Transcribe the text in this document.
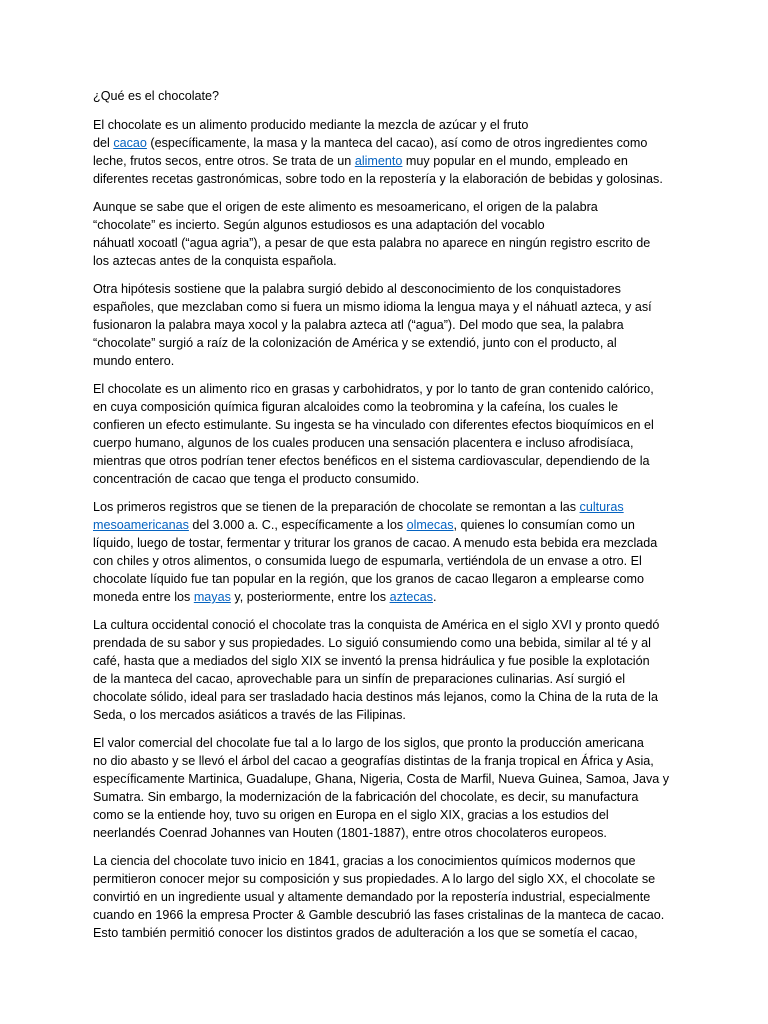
¿Qué es el chocolate?
El chocolate es un alimento producido mediante la mezcla de azúcar y el fruto
del cacao (específicamente, la masa y la manteca del cacao), así como de otros ingredientes como
leche, frutos secos, entre otros. Se trata de un alimento muy popular en el mundo, empleado en
diferentes recetas gastronómicas, sobre todo en la repostería y la elaboración de bebidas y golosinas.
Aunque se sabe que el origen de este alimento es mesoamericano, el origen de la palabra
“chocolate” es incierto. Según algunos estudiosos es una adaptación del vocablo
náhuatl xocoatl (“agua agria”), a pesar de que esta palabra no aparece en ningún registro escrito de
los aztecas antes de la conquista española.
Otra hipótesis sostiene que la palabra surgió debido al desconocimiento de los conquistadores
españoles, que mezclaban como si fuera un mismo idioma la lengua maya y el náhuatl azteca, y así
fusionaron la palabra maya xocol y la palabra azteca atl (“agua”). Del modo que sea, la palabra
“chocolate” surgió a raíz de la colonización de América y se extendió, junto con el producto, al
mundo entero.
El chocolate es un alimento rico en grasas y carbohidratos, y por lo tanto de gran contenido calórico,
en cuya composición química figuran alcaloides como la teobromina y la cafeína, los cuales le
confieren un efecto estimulante. Su ingesta se ha vinculado con diferentes efectos bioquímicos en el
cuerpo humano, algunos de los cuales producen una sensación placentera e incluso afrodisíaca,
mientras que otros podrían tener efectos benéficos en el sistema cardiovascular, dependiendo de la
concentración de cacao que tenga el producto consumido.
Los primeros registros que se tienen de la preparación de chocolate se remontan a las culturas
mesoamericanas del 3.000 a. C., específicamente a los olmecas, quienes lo consumían como un
líquido, luego de tostar, fermentar y triturar los granos de cacao. A menudo esta bebida era mezclada
con chiles y otros alimentos, o consumida luego de espumarla, vertiéndola de un envase a otro. El
chocolate líquido fue tan popular en la región, que los granos de cacao llegaron a emplearse como
moneda entre los mayas y, posteriormente, entre los aztecas.
La cultura occidental conoció el chocolate tras la conquista de América en el siglo XVI y pronto quedó
prendada de su sabor y sus propiedades. Lo siguió consumiendo como una bebida, similar al té y al
café, hasta que a mediados del siglo XIX se inventó la prensa hidráulica y fue posible la explotación
de la manteca del cacao, aprovechable para un sinfín de preparaciones culinarias. Así surgió el
chocolate sólido, ideal para ser trasladado hacia destinos más lejanos, como la China de la ruta de la
Seda, o los mercados asiáticos a través de las Filipinas.
El valor comercial del chocolate fue tal a lo largo de los siglos, que pronto la producción americana
no dio abasto y se llevó el árbol del cacao a geografías distintas de la franja tropical en África y Asia,
específicamente Martinica, Guadalupe, Ghana, Nigeria, Costa de Marfil, Nueva Guinea, Samoa, Java y
Sumatra. Sin embargo, la modernización de la fabricación del chocolate, es decir, su manufactura
como se la entiende hoy, tuvo su origen en Europa en el siglo XIX, gracias a los estudios del
neerlandés Coenrad Johannes van Houten (1801-1887), entre otros chocolateros europeos.
La ciencia del chocolate tuvo inicio en 1841, gracias a los conocimientos químicos modernos que
permitieron conocer mejor su composición y sus propiedades. A lo largo del siglo XX, el chocolate se
convirtió en un ingrediente usual y altamente demandado por la repostería industrial, especialmente
cuando en 1966 la empresa Procter & Gamble descubrió las fases cristalinas de la manteca de cacao.
Esto también permitió conocer los distintos grados de adulteración a los que se sometía el cacao,
